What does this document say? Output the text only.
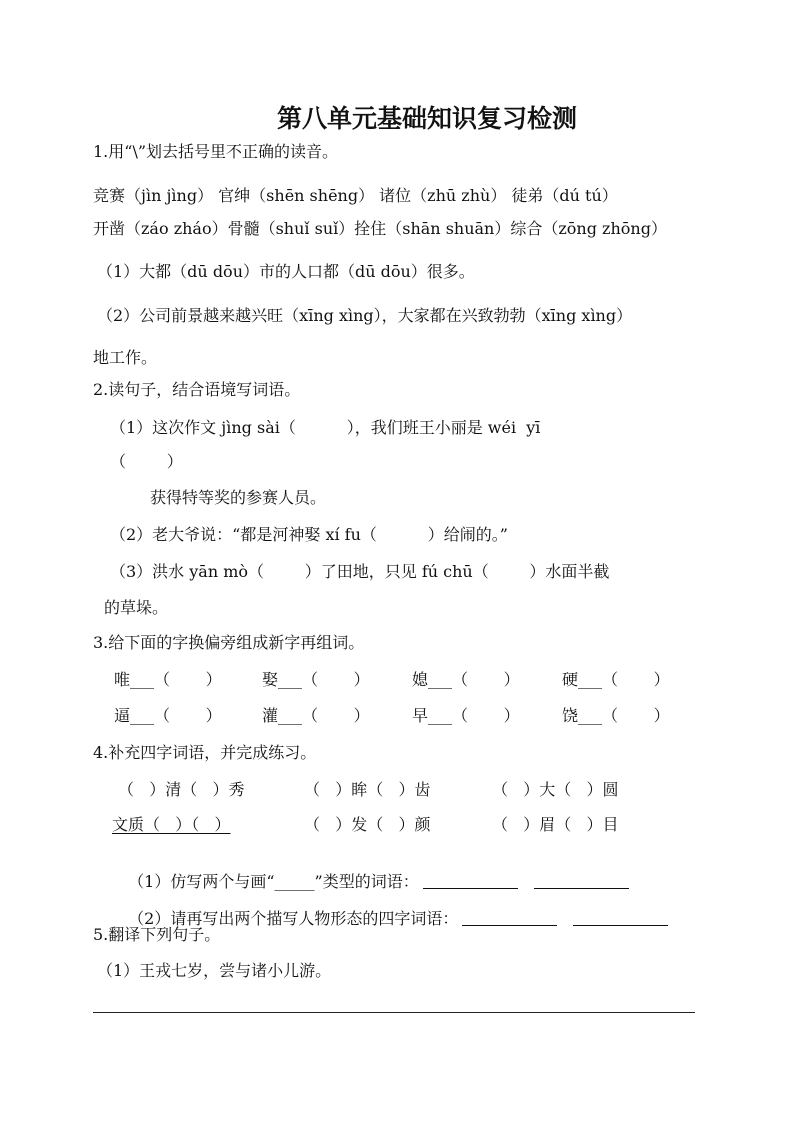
第八单元基础知识复习检测
1.用“\”划去括号里不正确的读音。
竞赛（jìn jìng） 官绅（shēn shēng） 诸位（zhū zhù） 徒弟（dú tú）
开凿（záo zháo）骨髓（shuǐ suǐ）拴住（shān shuān）综合（zōng zhōng）
（1）大都（dū dōu）市的人口都（dū dōu）很多。
（2）公司前景越来越兴旺（xīng xìng），大家都在兴致勃勃（xīng xìng）
地工作。
2.读句子，结合语境写词语。
（1）这次作文 jìng sài（          ），我们班王小丽是 wéi  yī
（        ）
获得特等奖的参赛人员。
（2）老大爷说：“都是河神娶 xí fu（          ）给闹的。”
（3）洪水 yān mò（        ）了田地，只见 fú chū（        ）水面半截
的草垛。
3.给下面的字换偏旁组成新字再组词。
唯___（       ）	娶___（       ）	媳___（       ）	硬___（       ）
逼___（       ）	灌___（       ）	早___（       ）	饶___（       ）
4.补充四字词语，并完成练习。
（   ）清（   ）秀	（   ）眸（   ）齿	（   ）大（   ）圆
文质（   ）（   ）	（   ）发（   ）颜	（   ）眉（   ）目

（1）仿写两个与画“_____”类型的词语：

（2）请再写出两个描写人物形态的四字词语：

5.翻译下列句子。
（1）王戎七岁，尝与诸小儿游。
